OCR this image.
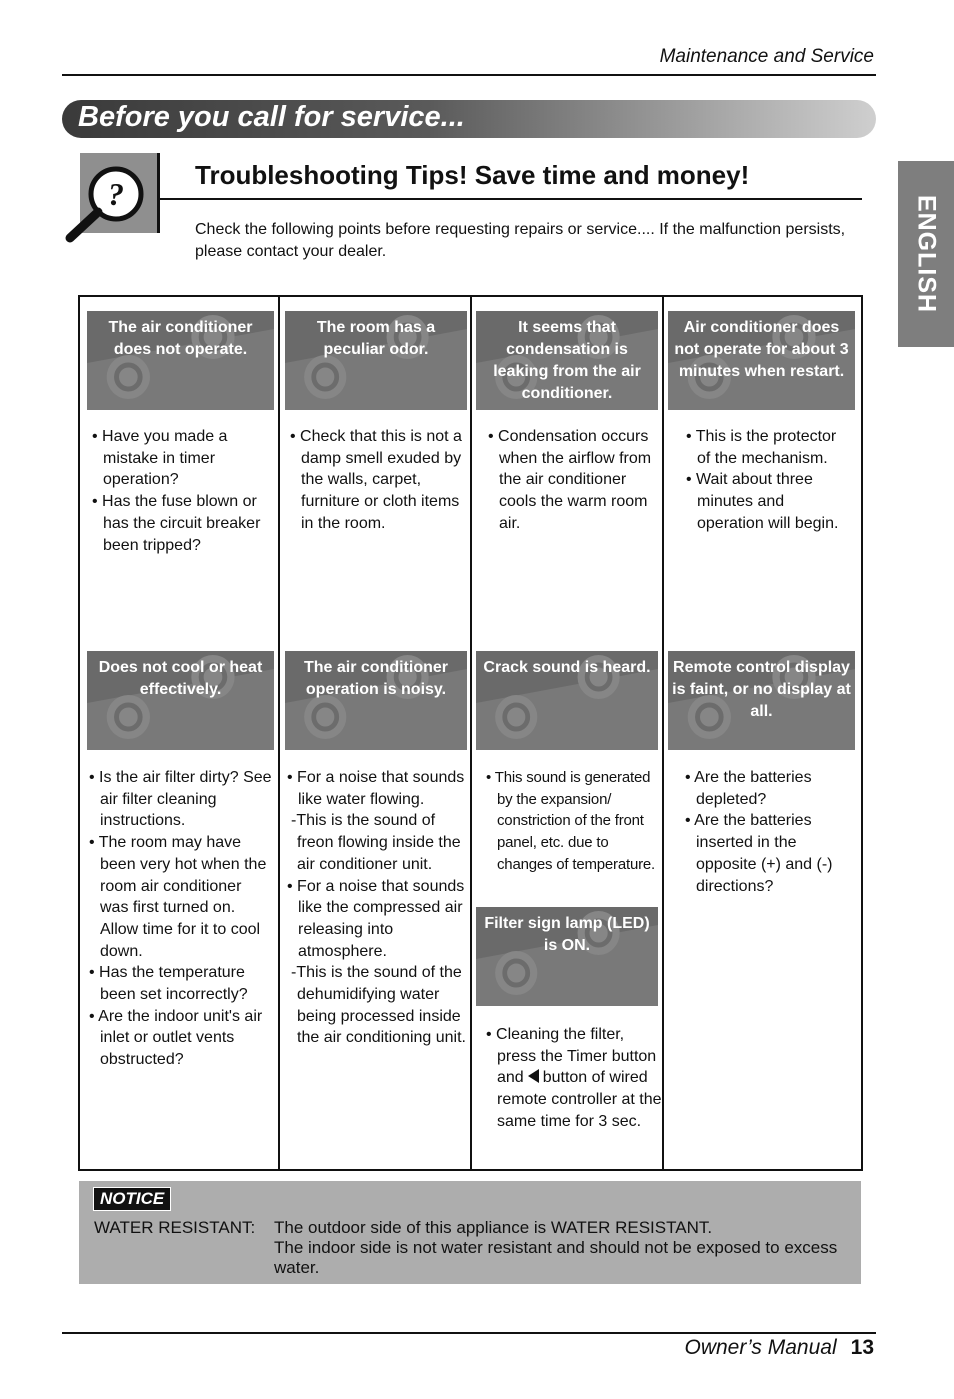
Maintenance and Service
Before you call for service...
ENGLISH
?
Troubleshooting Tips! Save time and money!
Check the following points before requesting repairs or service.... If the malfunction persists, please contact your dealer.
The air conditioner does not operate.
• Have you made a mistake in timer operation?
• Has the fuse blown or has the circuit breaker been tripped?
The room has a peculiar odor.
• Check that this is not a damp smell exuded by the walls, carpet, furniture or cloth items in the room.
It seems that condensation is leaking from the air conditioner.
• Condensation occurs when the airflow from the air conditioner cools the warm room air.
Air conditioner does not operate for about 3 minutes when restart.
• This is the protector of the mechanism.
• Wait about three minutes and operation will begin.
Does not cool or heat effectively.
• Is the air filter dirty? See air filter cleaning instructions.
• The room may have been very hot when the room air conditioner was first turned on. Allow time for it to cool down.
• Has the temperature been set incorrectly?
• Are the indoor unit's air inlet or outlet vents obstructed?
The air conditioner operation is noisy.
• For a noise that sounds like water flowing.
-This is the sound of freon flowing inside the air conditioner unit.
• For a noise that sounds like the compressed air releasing into atmosphere.
-This is the sound of the dehumidifying water being processed inside the air conditioning unit.
Crack sound is heard.
• This sound is generated by the expansion/ constriction of the front panel, etc. due to changes of temperature.
Remote control display is faint, or no display at all.
• Are the batteries depleted?
• Are the batteries inserted in the opposite (+) and (-) directions?
Filter sign lamp (LED) is ON.
• Cleaning the filter, press the Timer button and button of wired remote controller at the same time for 3 sec.
NOTICE
WATER RESISTANT: The outdoor side of this appliance is WATER RESISTANT.
The indoor side is not water resistant and should not be exposed to excess water.
Owner’s Manual 13
